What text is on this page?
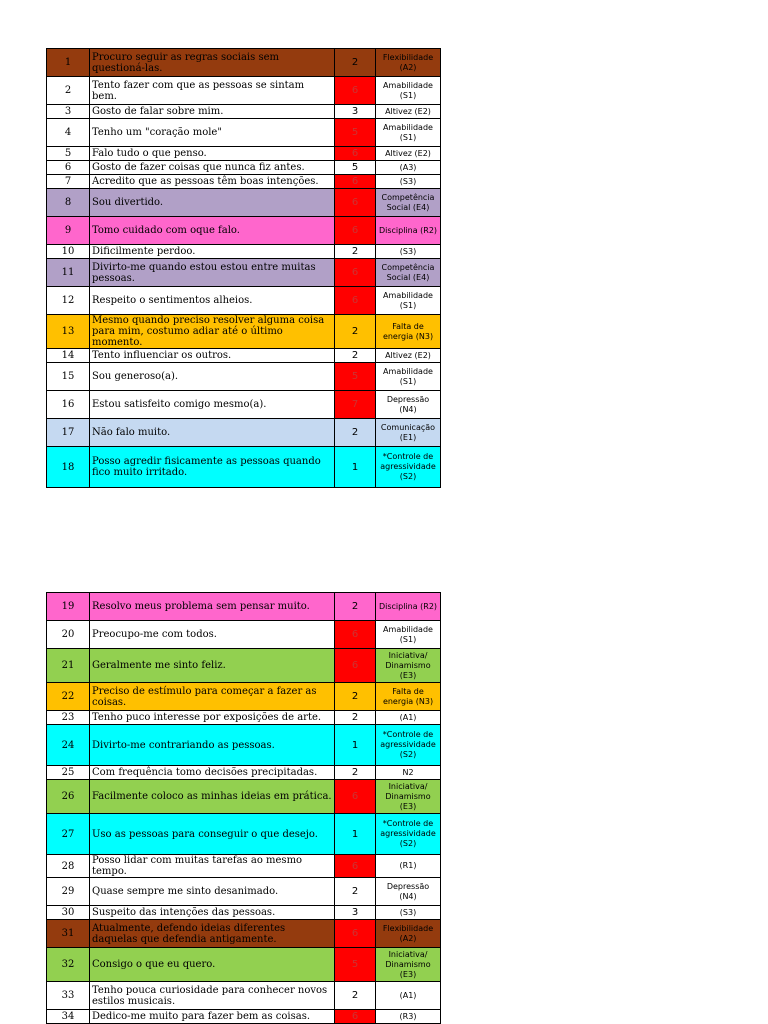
1	Procuro seguir as regras sociais sem questioná-las.	2	Flexibilidade (A2)
2	Tento fazer com que as pessoas se sintam bem.	6	Amabilidade (S1)
3	Gosto de falar sobre mim.	3	Altivez (E2)
4	Tenho um "coração mole"	5	Amabilidade (S1)
5	Falo tudo o que penso.	6	Altivez (E2)
6	Gosto de fazer coisas que nunca fiz antes.	5	(A3)
7	Acredito que as pessoas têm boas intenções.	6	(S3)
8	Sou divertido.	6	Competência Social (E4)
9	Tomo cuidado com oque falo.	6	Disciplina (R2)
10	Dificilmente perdoo.	2	(S3)
11	Divirto-me quando estou estou entre muitas pessoas.	6	Competência Social (E4)
12	Respeito o sentimentos alheios.	6	Amabilidade (S1)
13	Mesmo quando preciso resolver alguma coisa para mim, costumo adiar até o último momento.	2	Falta de energia (N3)
14	Tento influenciar os outros.	2	Altivez (E2)
15	Sou generoso(a).	5	Amabilidade (S1)
16	Estou satisfeito comigo mesmo(a).	7	Depressão (N4)
17	Não falo muito.	2	Comunicação (E1)
18	Posso agredir fisicamente as pessoas quando fico muito irritado.	1	*Controle de agressividade (S2)
19	Resolvo meus problema sem pensar muito.	2	Disciplina (R2)
20	Preocupo-me com todos.	6	Amabilidade (S1)
21	Geralmente me sinto feliz.	6	Iniciativa/ Dinamismo (E3)
22	Preciso de estímulo para começar a fazer as coisas.	2	Falta de energia (N3)
23	Tenho puco interesse por exposições de arte.	2	(A1)
24	Divirto-me contrariando as pessoas.	1	*Controle de agressividade (S2)
25	Com frequência tomo decisões precipitadas.	2	N2
26	Facilmente coloco as minhas ideias em prática.	6	Iniciativa/ Dinamismo (E3)
27	Uso as pessoas para conseguir o que desejo.	1	*Controle de agressividade (S2)
28	Posso lidar com muitas tarefas ao mesmo tempo.	6	(R1)
29	Quase sempre me sinto desanimado.	2	Depressão (N4)
30	Suspeito das intenções das pessoas.	3	(S3)
31	Atualmente, defendo ideias diferentes daquelas que defendia antigamente.	6	Flexibilidade (A2)
32	Consigo o que eu quero.	5	Iniciativa/ Dinamismo (E3)
33	Tenho pouca curiosidade para conhecer novos estilos musicais.	2	(A1)
34	Dedico-me muito para fazer bem as coisas.	6	(R3)
